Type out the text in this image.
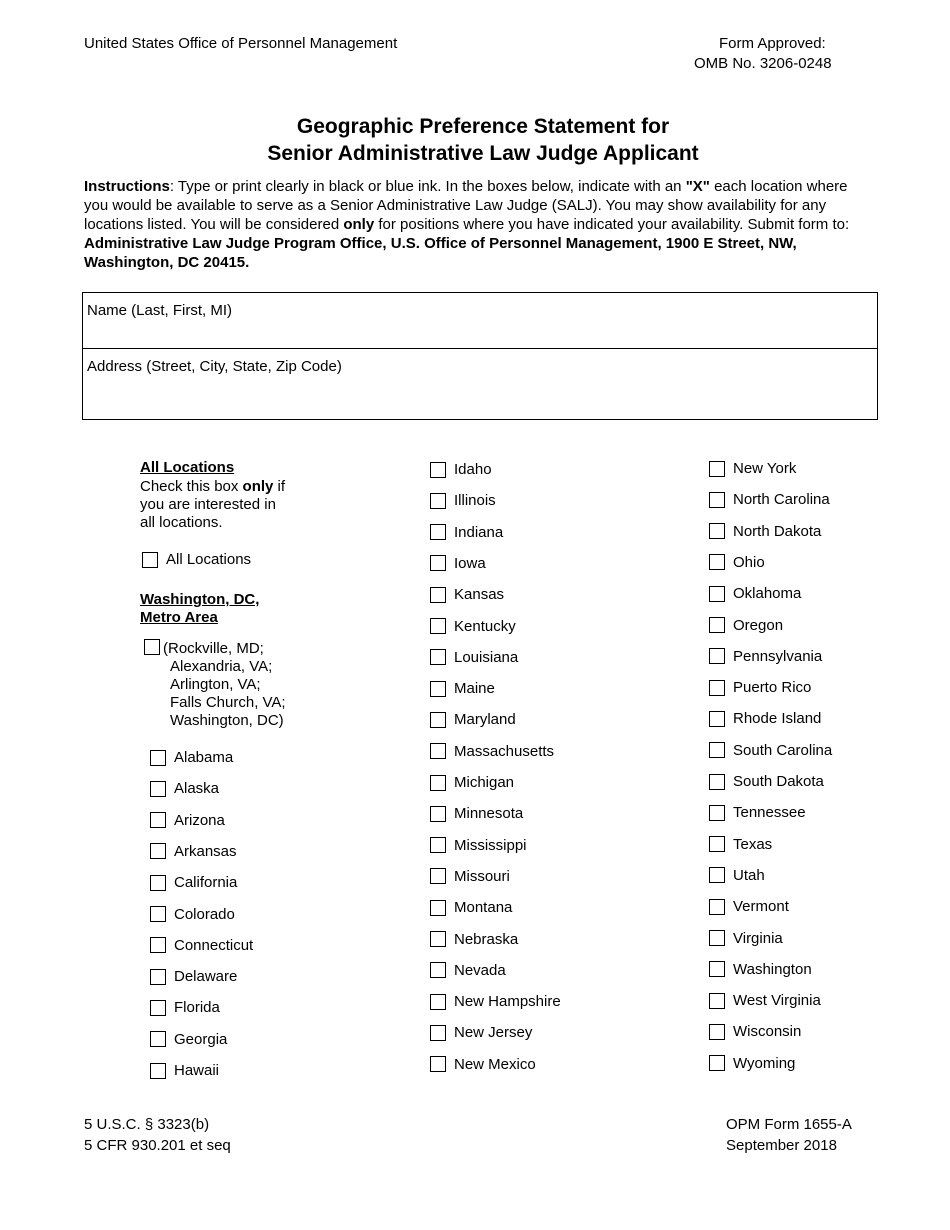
United States Office of Personnel Management	Form Approved:
OMB No. 3206-0248
Geographic Preference Statement for
Senior Administrative Law Judge Applicant
Instructions: Type or print clearly in black or blue ink. In the boxes below, indicate with an "X" each location where you would be available to serve as a Senior Administrative Law Judge (SALJ). You may show availability for any locations listed. You will be considered only for positions where you have indicated your availability. Submit form to: Administrative Law Judge Program Office, U.S. Office of Personnel Management, 1900 E Street, NW, Washington, DC 20415.
Name (Last, First, MI)
Address (Street, City, State, Zip Code)
All Locations
Check this box only if
you are interested in
all locations.
All Locations
Washington, DC,
Metro Area
(Rockville, MD;
Alexandria, VA;
Arlington, VA;
Falls Church, VA;
Washington, DC)
Alabama
Alaska
Arizona
Arkansas
California
Colorado
Connecticut
Delaware
Florida
Georgia
Hawaii
Idaho
Illinois
Indiana
Iowa
Kansas
Kentucky
Louisiana
Maine
Maryland
Massachusetts
Michigan
Minnesota
Mississippi
Missouri
Montana
Nebraska
Nevada
New Hampshire
New Jersey
New Mexico
New York
North Carolina
North Dakota
Ohio
Oklahoma
Oregon
Pennsylvania
Puerto Rico
Rhode Island
South Carolina
South Dakota
Tennessee
Texas
Utah
Vermont
Virginia
Washington
West Virginia
Wisconsin
Wyoming
5 U.S.C. § 3323(b)
5 CFR 930.201 et seq
OPM Form 1655-A
September 2018
